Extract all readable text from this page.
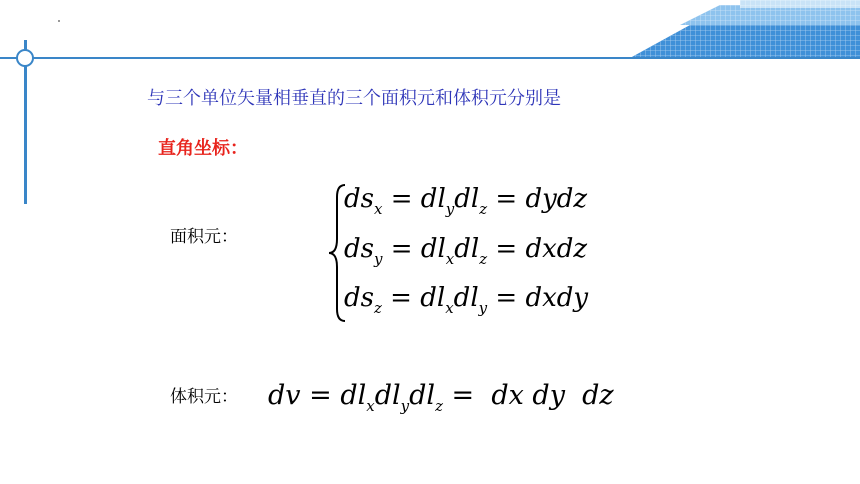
与三个单位矢量相垂直的三个面积元和体积元分别是
直角坐标：
面积元：
体积元：
$ds_x = dl_ydl_z$ = dydz
$ds_y = dl_xdl_z$ = dxdz
$ds_z = dl_xdl_y$ = dxdy
dv = $dl_xdl_ydl_z$ =  dx dy  dz
